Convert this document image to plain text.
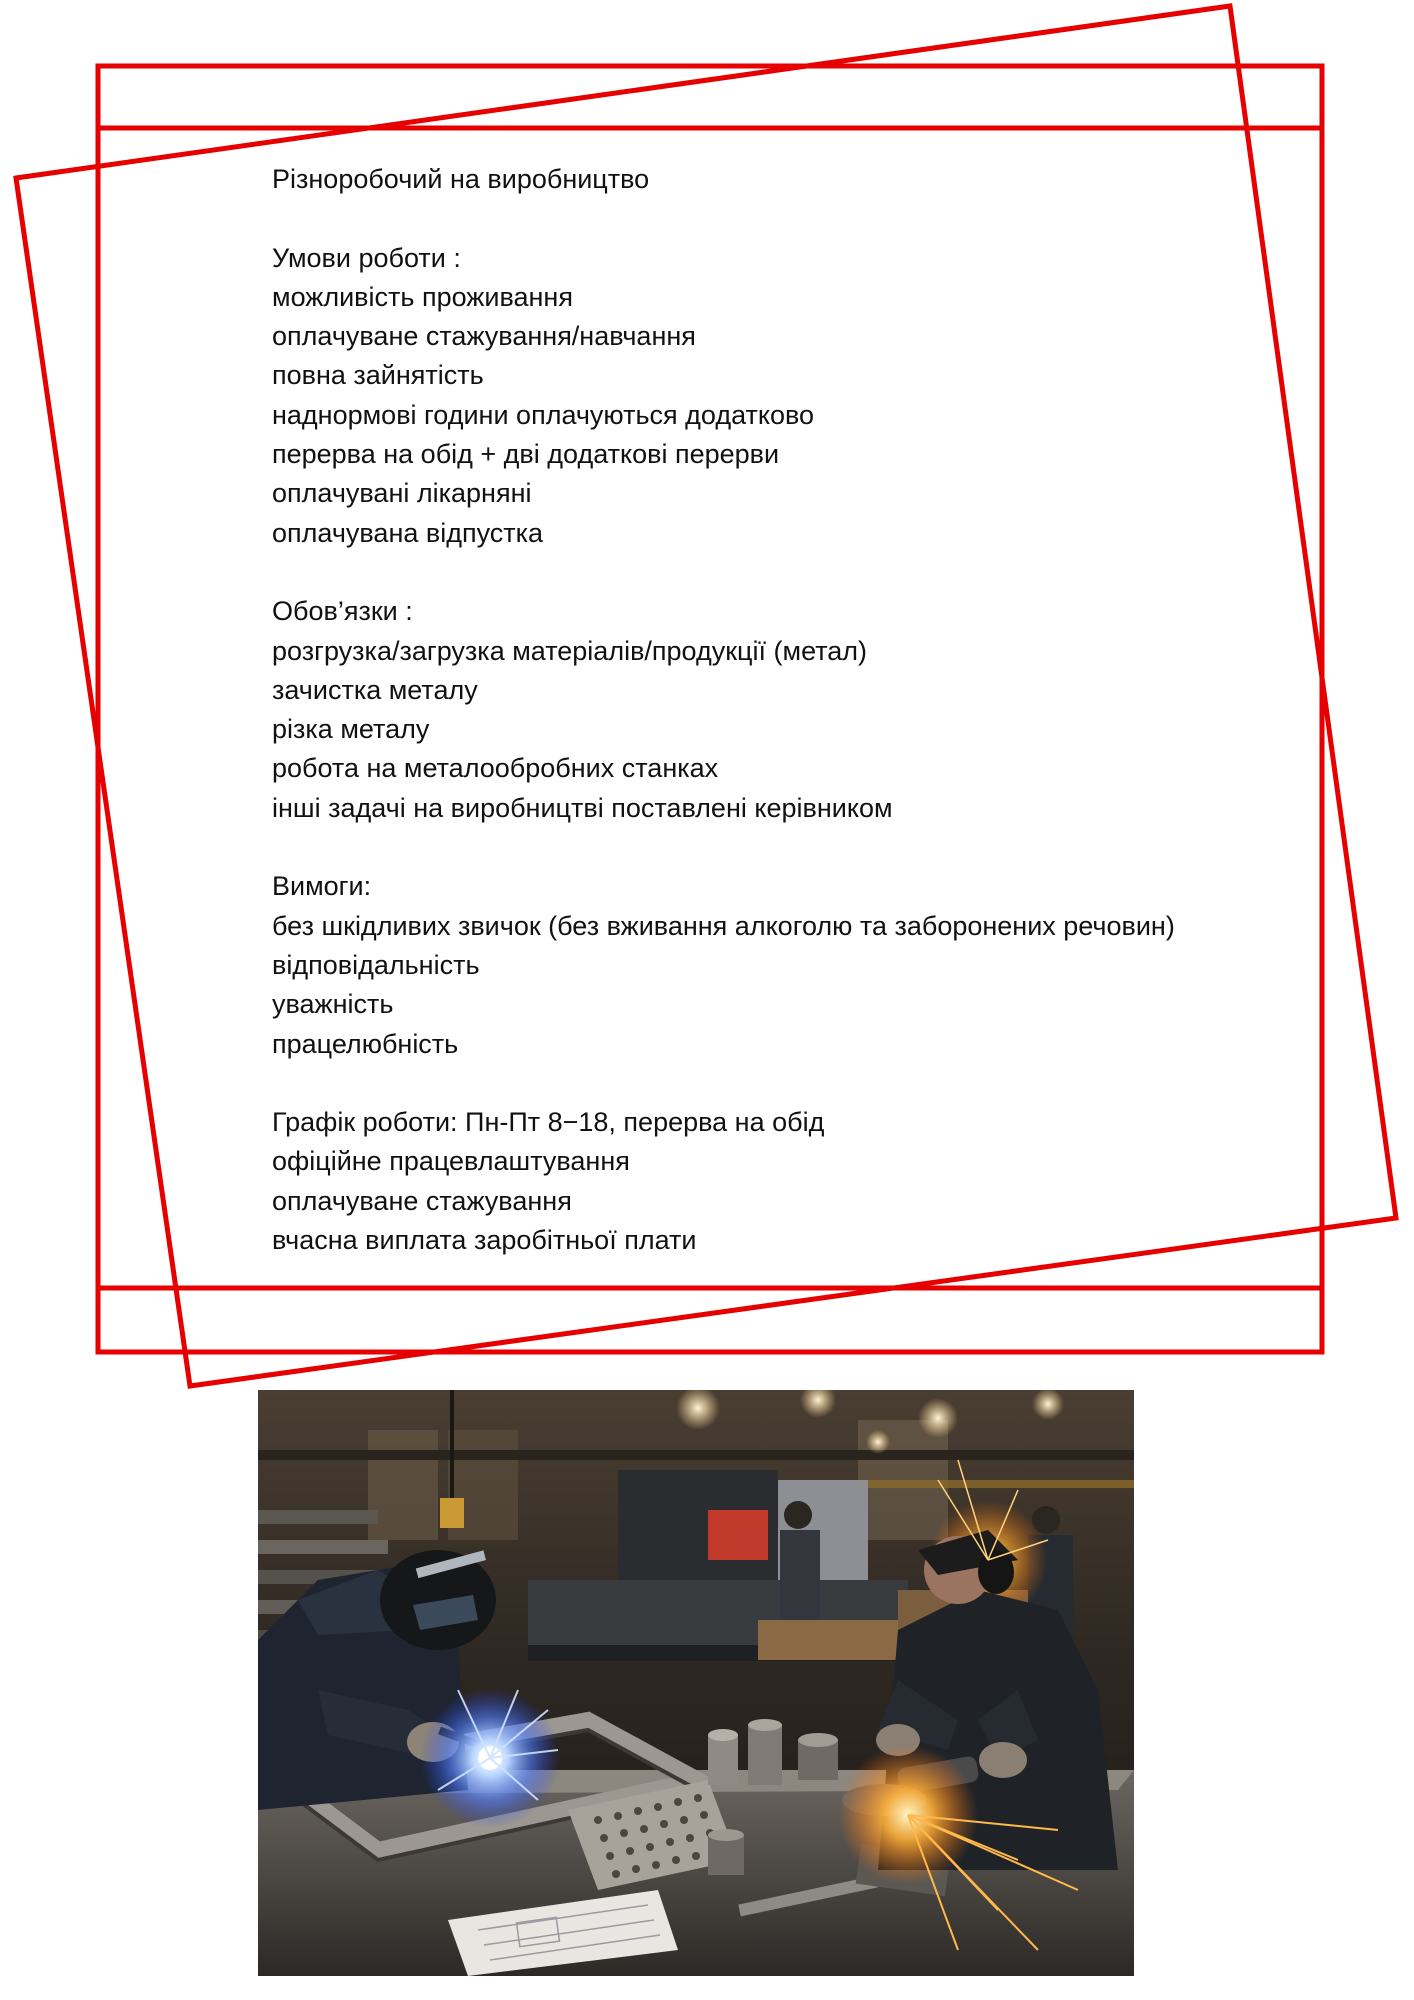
Різноробочий на виробництво
Умови роботи :
можливість проживання
оплачуване стажування/навчання
повна зайнятість
наднормові години оплачуються додатково
перерва на обід + дві додаткові перерви
оплачувані лікарняні
оплачувана відпустка
Обов’язки :
розгрузка/загрузка матеріалів/продукції (метал)
зачистка металу
різка металу
робота на металообробних станках
інші задачі на виробництві поставлені керівником
Вимоги:
без шкідливих звичок (без вживання алкоголю та заборонених речовин)
відповідальність
уважність
працелюбність
Графік роботи: Пн-Пт 8−18, перерва на обід
офіційне працевлаштування
оплачуване стажування
вчасна виплата заробітньої плати
